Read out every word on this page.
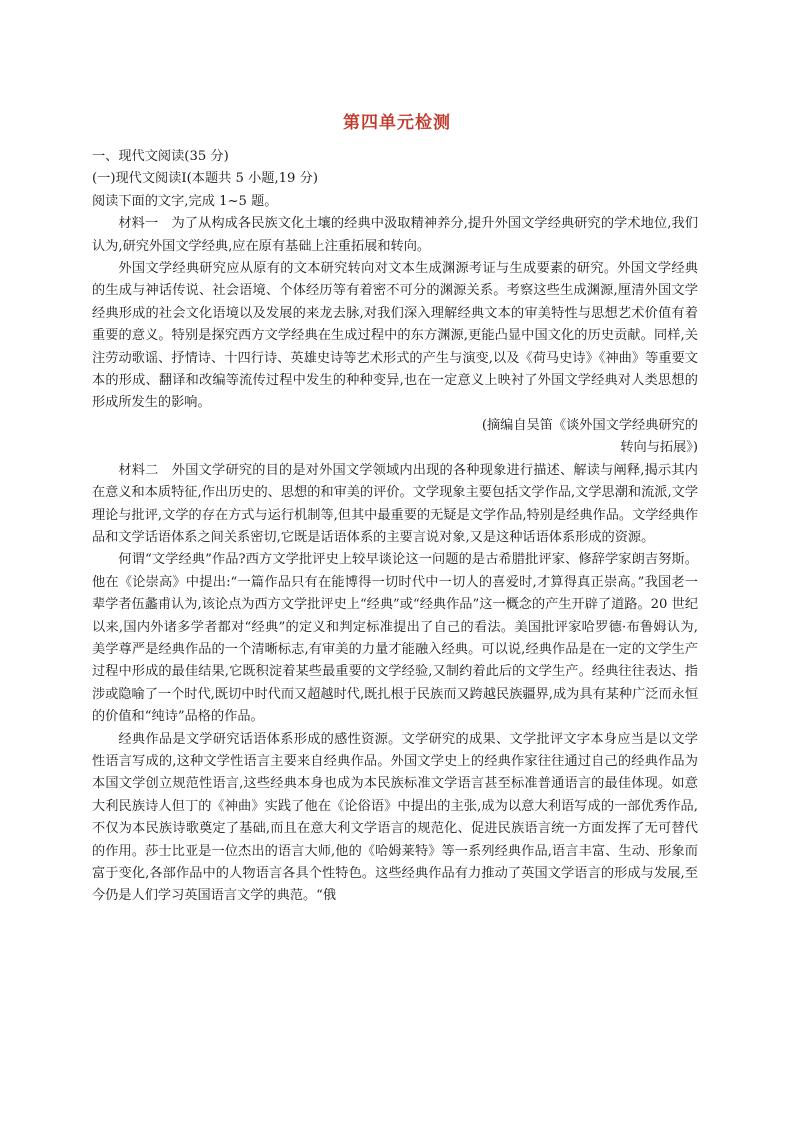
第四单元检测

一、现代文阅读(35 分)

(一)现代文阅读Ⅰ(本题共 5 小题,19 分)

阅读下面的文字,完成 1~5 题。

材料一　为了从构成各民族文化土壤的经典中汲取精神养分,提升外国文学经典研究的学术地位,我们认为,研究外国文学经典,应在原有基础上注重拓展和转向。

外国文学经典研究应从原有的文本研究转向对文本生成渊源考证与生成要素的研究。外国文学经典的生成与神话传说、社会语境、个体经历等有着密不可分的渊源关系。考察这些生成渊源,厘清外国文学经典形成的社会文化语境以及发展的来龙去脉,对我们深入理解经典文本的审美特性与思想艺术价值有着重要的意义。特别是探究西方文学经典在生成过程中的东方渊源,更能凸显中国文化的历史贡献。同样,关注劳动歌谣、抒情诗、十四行诗、英雄史诗等艺术形式的产生与演变,以及《荷马史诗》《神曲》等重要文本的形成、翻译和改编等流传过程中发生的种种变异,也在一定意义上映衬了外国文学经典对人类思想的形成所发生的影响。

(摘编自吴笛《谈外国文学经典研究的

转向与拓展》)

材料二　外国文学研究的目的是对外国文学领域内出现的各种现象进行描述、解读与阐释,揭示其内在意义和本质特征,作出历史的、思想的和审美的评价。文学现象主要包括文学作品,文学思潮和流派,文学理论与批评,文学的存在方式与运行机制等,但其中最重要的无疑是文学作品,特别是经典作品。文学经典作品和文学话语体系之间关系密切,它既是话语体系的主要言说对象,又是这种话语体系形成的资源。

何谓“文学经典”作品?西方文学批评史上较早谈论这一问题的是古希腊批评家、修辞学家朗吉努斯。他在《论崇高》中提出:“一篇作品只有在能博得一切时代中一切人的喜爱时,才算得真正崇高。”我国老一辈学者伍蠡甫认为,该论点为西方文学批评史上“经典”或“经典作品”这一概念的产生开辟了道路。20 世纪以来,国内外诸多学者都对“经典”的定义和判定标准提出了自己的看法。美国批评家哈罗德·布鲁姆认为,美学尊严是经典作品的一个清晰标志,有审美的力量才能融入经典。可以说,经典作品是在一定的文学生产过程中形成的最佳结果,它既积淀着某些最重要的文学经验,又制约着此后的文学生产。经典往往表达、指涉或隐喻了一个时代,既切中时代而又超越时代,既扎根于民族而又跨越民族疆界,成为具有某种广泛而永恒的价值和“纯诗”品格的作品。

经典作品是文学研究话语体系形成的感性资源。文学研究的成果、文学批评文字本身应当是以文学性语言写成的,这种文学性语言主要来自经典作品。外国文学史上的经典作家往往通过自己的经典作品为本国文学创立规范性语言,这些经典本身也成为本民族标准文学语言甚至标准普通语言的最佳体现。如意大利民族诗人但丁的《神曲》实践了他在《论俗语》中提出的主张,成为以意大利语写成的一部优秀作品,不仅为本民族诗歌奠定了基础,而且在意大利文学语言的规范化、促进民族语言统一方面发挥了无可替代的作用。莎士比亚是一位杰出的语言大师,他的《哈姆莱特》等一系列经典作品,语言丰富、生动、形象而富于变化,各部作品中的人物语言各具个性特色。这些经典作品有力推动了英国文学语言的形成与发展,至今仍是人们学习英国语言文学的典范。“俄
